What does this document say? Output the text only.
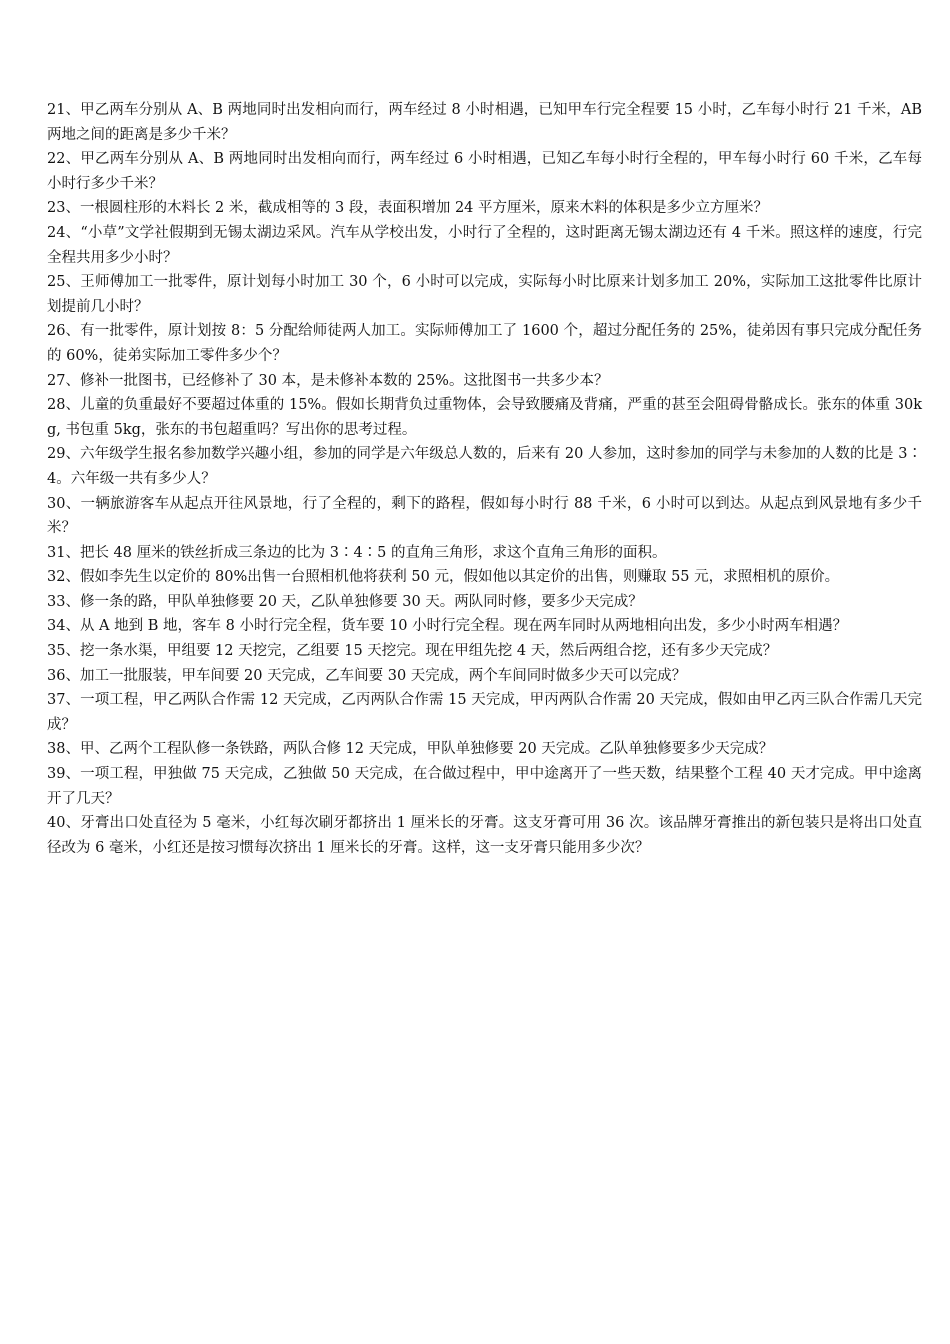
21、甲乙两车分别从 A、B 两地同时出发相向而行，两车经过 8 小时相遇，已知甲车行完全程要 15 小时，乙车每小时行 21 千米，AB 两地之间的距离是多少千米？

22、甲乙两车分别从 A、B 两地同时出发相向而行，两车经过 6 小时相遇，已知乙车每小时行全程的，甲车每小时行 60 千米，乙车每小时行多少千米？

23、一根圆柱形的木料长 2 米，截成相等的 3 段，表面积增加 24 平方厘米，原来木料的体积是多少立方厘米？

24、“小草”文学社假期到无锡太湖边采风。汽车从学校出发，小时行了全程的，这时距离无锡太湖边还有 4 千米。照这样的速度，行完全程共用多少小时？

25、王师傅加工一批零件，原计划每小时加工 30 个，6 小时可以完成，实际每小时比原来计划多加工 20%，实际加工这批零件比原计划提前几小时？

26、有一批零件，原计划按 8：5 分配给师徒两人加工。实际师傅加工了 1600 个，超过分配任务的 25%，徒弟因有事只完成分配任务的 60%，徒弟实际加工零件多少个？

27、修补一批图书，已经修补了 30 本，是未修补本数的 25%。这批图书一共多少本？

28、儿童的负重最好不要超过体重的 15%。假如长期背负过重物体，会导致腰痛及背痛，严重的甚至会阻碍骨骼成长。张东的体重 30kg, 书包重 5kg，张东的书包超重吗？写出你的思考过程。

29、六年级学生报名参加数学兴趣小组，参加的同学是六年级总人数的，后来有 20 人参加，这时参加的同学与未参加的人数的比是 3∶4。六年级一共有多少人？

30、一辆旅游客车从起点开往风景地，行了全程的，剩下的路程，假如每小时行 88 千米，6 小时可以到达。从起点到风景地有多少千米？

31、把长 48 厘米的铁丝折成三条边的比为 3∶4∶5 的直角三角形，求这个直角三角形的面积。

32、假如李先生以定价的 80%出售一台照相机他将获利 50 元，假如他以其定价的出售，则赚取 55 元，求照相机的原价。

33、修一条的路，甲队单独修要 20 天，乙队单独修要 30 天。两队同时修，要多少天完成？

34、从 A 地到 B 地，客车 8 小时行完全程，货车要 10 小时行完全程。现在两车同时从两地相向出发，多少小时两车相遇？

35、挖一条水渠，甲组要 12 天挖完，乙组要 15 天挖完。现在甲组先挖 4 天，然后两组合挖，还有多少天完成？

36、加工一批服装，甲车间要 20 天完成，乙车间要 30 天完成，两个车间同时做多少天可以完成？

37、一项工程，甲乙两队合作需 12 天完成，乙丙两队合作需 15 天完成，甲丙两队合作需 20 天完成，假如由甲乙丙三队合作需几天完成？

38、甲、乙两个工程队修一条铁路，两队合修 12 天完成，甲队单独修要 20 天完成。乙队单独修要多少天完成？

39、一项工程，甲独做 75 天完成，乙独做 50 天完成，在合做过程中，甲中途离开了一些天数，结果整个工程 40 天才完成。甲中途离开了几天？

40、牙膏出口处直径为 5 毫米，小红每次刷牙都挤出 1 厘米长的牙膏。这支牙膏可用 36 次。该品牌牙膏推出的新包装只是将出口处直径改为 6 毫米，小红还是按习惯每次挤出 1 厘米长的牙膏。这样，这一支牙膏只能用多少次？
